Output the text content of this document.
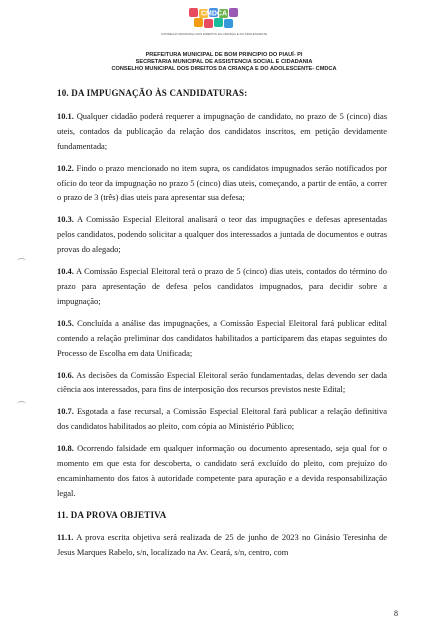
CONSELHO MUNICIPAL DOS DIREITOS DA CRIANÇA E DO ADOLESCENTE
CMDCA
PREFEITURA MUNICIPAL DE BOM PRINCIPIO DO PIAUÍ- PI
SECRETARIA MUNICIPAL DE ASSISTENCIA SOCIAL E CIDADANIA
CONSELHO MUNICIPAL DOS DIREITOS DA CRIANÇA E DO ADOLESCENTE- CMDCA

10. DA IMPUGNAÇÃO ÀS CANDIDATURAS:

10.1. Qualquer cidadão poderá requerer a impugnação de candidato, no prazo de 5 (cinco) dias uteis, contados da publicação da relação dos candidatos inscritos, em petição devidamente fundamentada;

10.2. Findo o prazo mencionado no item supra, os candidatos impugnados serão notificados por ofício do teor da impugnação no prazo 5 (cinco) dias uteis, começando, a partir de então, a correr o prazo de 3 (três) dias uteis para apresentar sua defesa;

10.3. A Comissão Especial Eleitoral analisará o teor das impugnações e defesas apresentadas pelos candidatos, podendo solicitar a qualquer dos interessados a juntada de documentos e outras provas do alegado;

10.4. A Comissão Especial Eleitoral terá o prazo de 5 (cinco) dias uteis, contados do término do prazo para apresentação de defesa pelos candidatos impugnados, para decidir sobre a impugnação;

10.5. Concluída a análise das impugnações, a Comissão Especial Eleitoral fará publicar edital contendo a relação preliminar dos candidatos habilitados a participarem das etapas seguintes do Processo de Escolha em data Unificada;

10.6. As decisões da Comissão Especial Eleitoral serão fundamentadas, delas devendo ser dada ciência aos interessados, para fins de interposição dos recursos previstos neste Edital;

10.7. Esgotada a fase recursal, a Comissão Especial Eleitoral fará publicar a relação definitiva dos candidatos habilitados ao pleito, com cópia ao Ministério Público;

10.8. Ocorrendo falsidade em qualquer informação ou documento apresentado, seja qual for o momento em que esta for descoberta, o candidato será excluído do pleito, com prejuízo do encaminhamento dos fatos à autoridade competente para apuração e a devida responsabilização legal.

11. DA PROVA OBJETIVA

11.1. A prova escrita objetiva será realizada de 25 de junho de 2023 no Ginásio Teresinha de Jesus Marques Rabelo, s/n, localizado na Av. Ceará, s/n, centro, com

8
